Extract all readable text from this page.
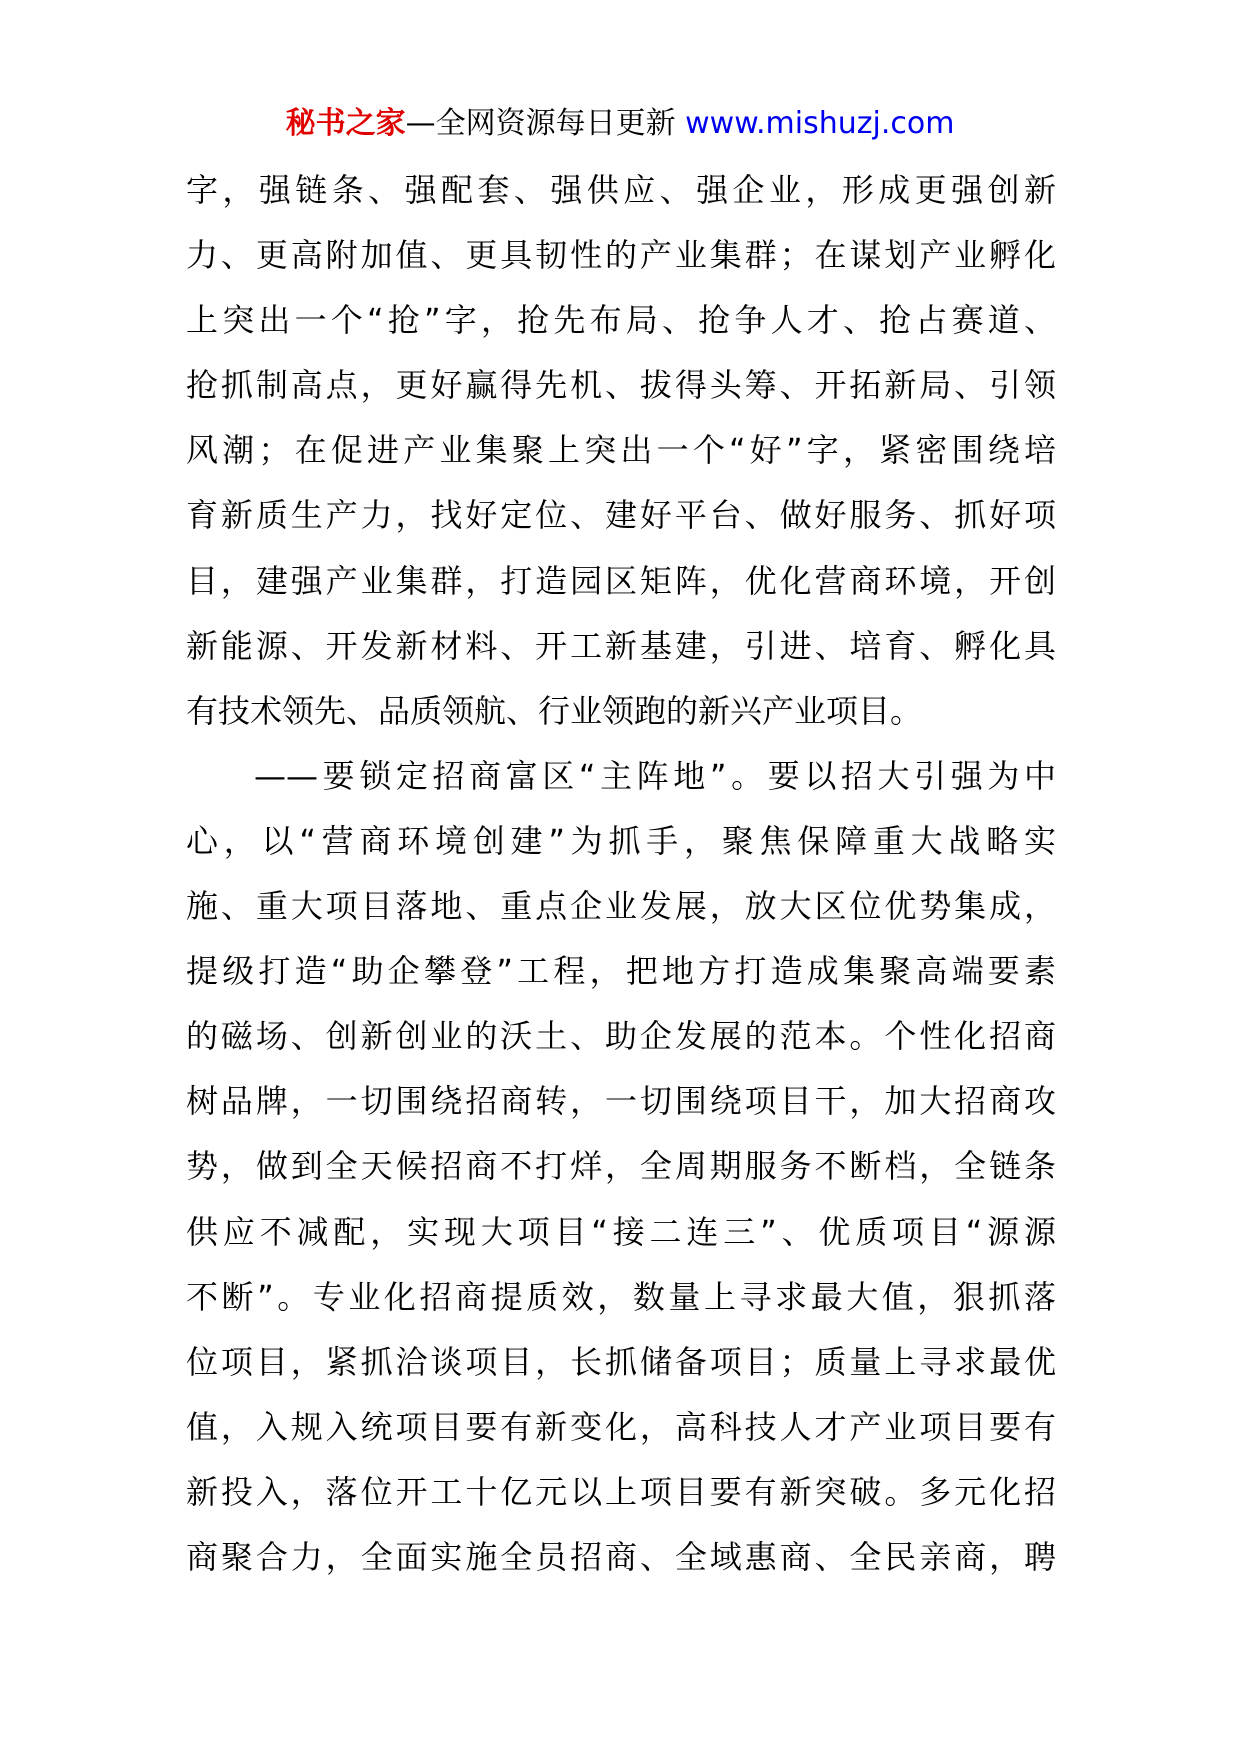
秘书之家—全网资源每日更新 www.mishuzj.com
字，强链条、强配套、强供应、强企业，形成更强创新
力、更高附加值、更具韧性的产业集群；在谋划产业孵化
上突出一个“抢”字，抢先布局、抢争人才、抢占赛道、
抢抓制高点，更好赢得先机、拔得头筹、开拓新局、引领
风潮；在促进产业集聚上突出一个“好”字，紧密围绕培
育新质生产力，找好定位、建好平台、做好服务、抓好项
目，建强产业集群，打造园区矩阵，优化营商环境，开创
新能源、开发新材料、开工新基建，引进、培育、孵化具
有技术领先、品质领航、行业领跑的新兴产业项目。
——要锁定招商富区“主阵地”。要以招大引强为中
心，以“营商环境创建”为抓手，聚焦保障重大战略实
施、重大项目落地、重点企业发展，放大区位优势集成，
提级打造“助企攀登”工程，把地方打造成集聚高端要素
的磁场、创新创业的沃土、助企发展的范本。个性化招商
树品牌，一切围绕招商转，一切围绕项目干，加大招商攻
势，做到全天候招商不打烊，全周期服务不断档，全链条
供应不减配，实现大项目“接二连三”、优质项目“源源
不断”。专业化招商提质效，数量上寻求最大值，狠抓落
位项目，紧抓洽谈项目，长抓储备项目；质量上寻求最优
值，入规入统项目要有新变化，高科技人才产业项目要有
新投入，落位开工十亿元以上项目要有新突破。多元化招
商聚合力，全面实施全员招商、全域惠商、全民亲商，聘
